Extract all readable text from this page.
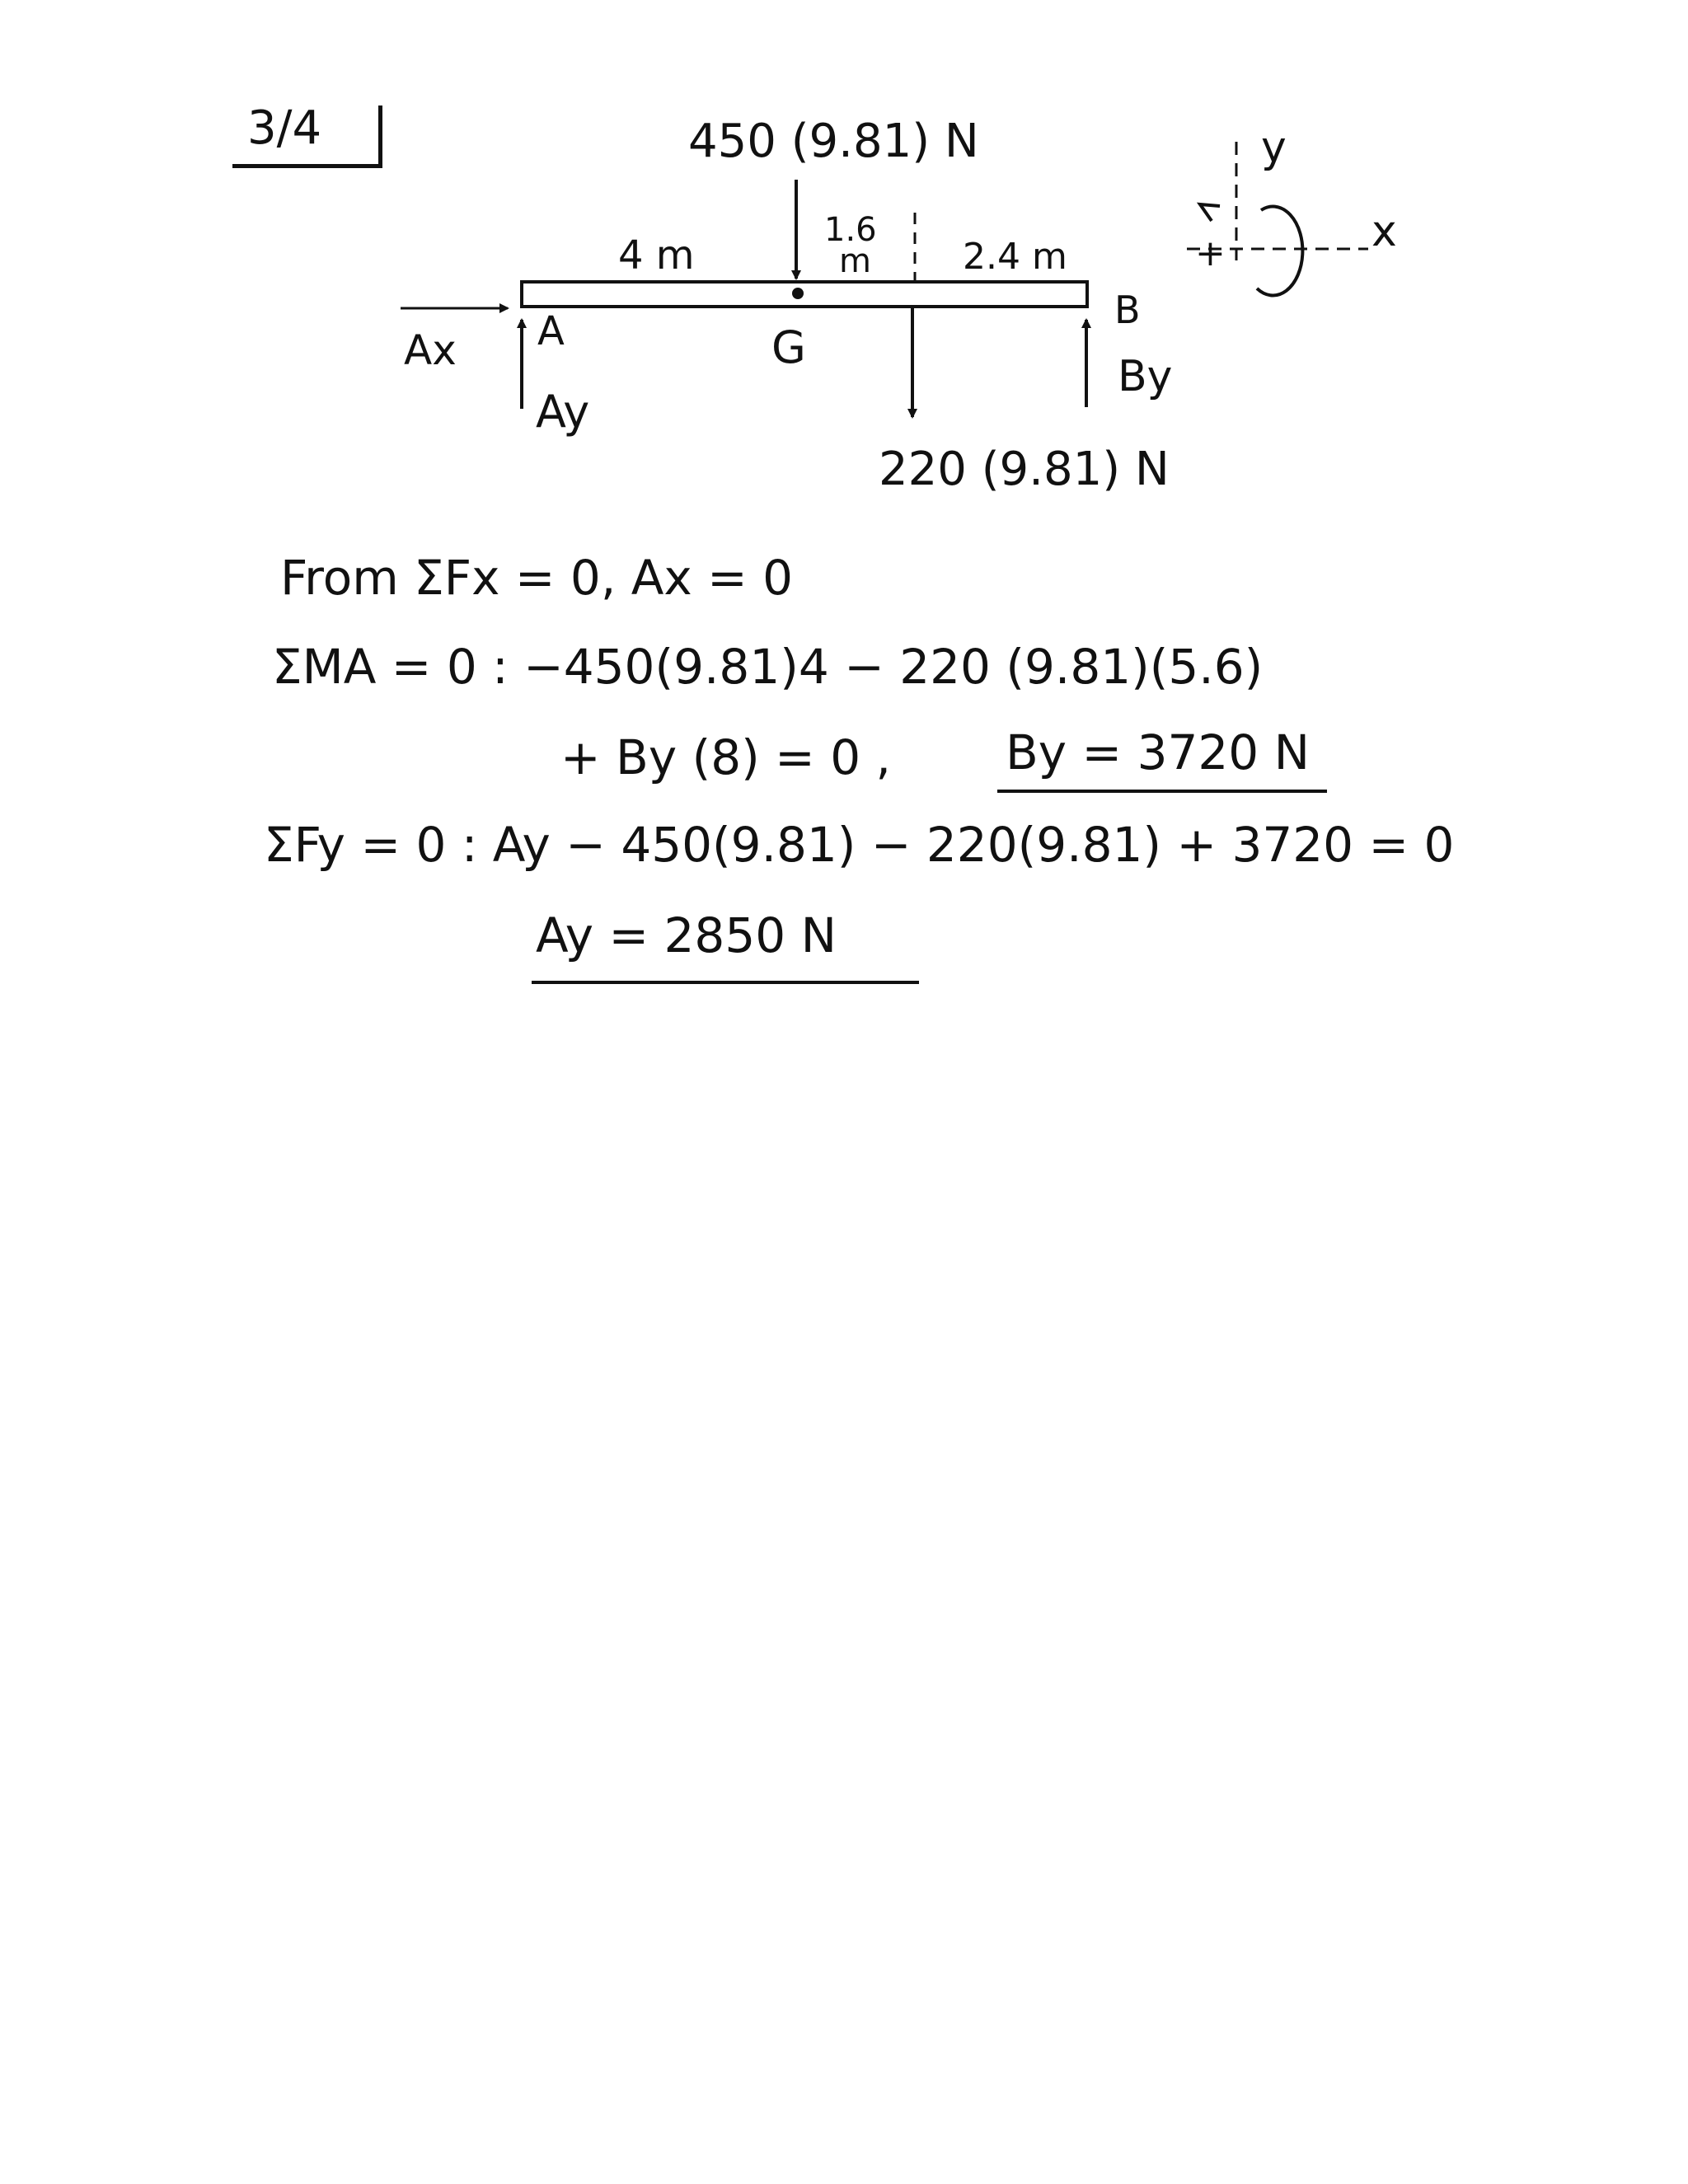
3/4	450 (9.81) N
220 (9.81) N
4 m
1.6
m	2.4 m
A	G
B
Ax
Ay
By
x
y
+
From ΣFx = 0, Ax = 0
ΣMA = 0 : −450(9.81)4 − 220 (9.81)(5.6)
+ By (8) = 0 , By = 3720 N
ΣFy = 0 : Ay − 450(9.81) − 220(9.81) + 3720 = 0
Ay = 2850 N
